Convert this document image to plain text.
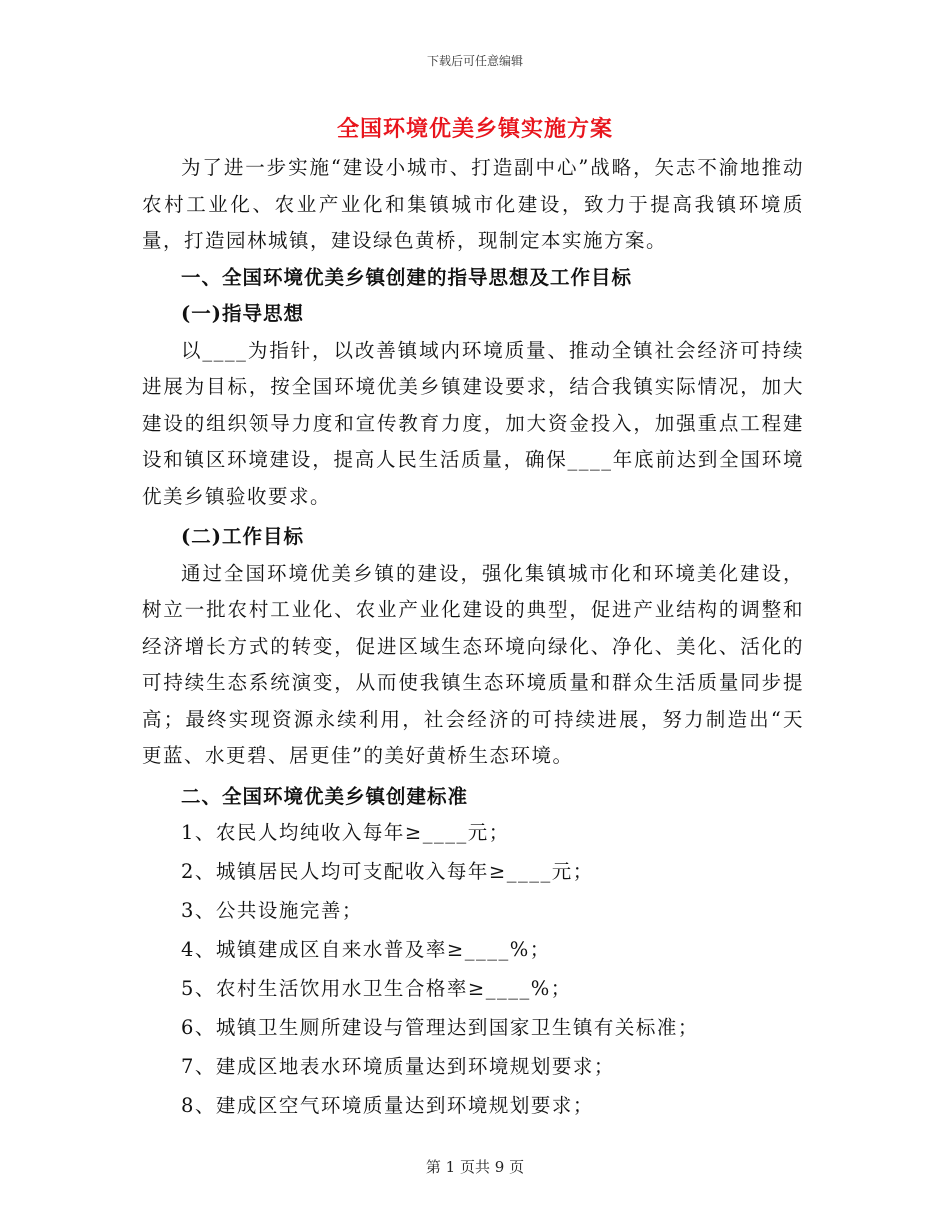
下载后可任意编辑
全国环境优美乡镇实施方案

为了进一步实施“建设小城市、打造副中心”战略，矢志不渝地推动农村工业化、农业产业化和集镇城市化建设，致力于提高我镇环境质量，打造园林城镇，建设绿色黄桥，现制定本实施方案。

一、全国环境优美乡镇创建的指导思想及工作目标

(一)指导思想

以____为指针，以改善镇域内环境质量、推动全镇社会经济可持续进展为目标，按全国环境优美乡镇建设要求，结合我镇实际情况，加大建设的组织领导力度和宣传教育力度，加大资金投入，加强重点工程建设和镇区环境建设，提高人民生活质量，确保____年底前达到全国环境优美乡镇验收要求。

(二)工作目标

通过全国环境优美乡镇的建设，强化集镇城市化和环境美化建设，树立一批农村工业化、农业产业化建设的典型，促进产业结构的调整和经济增长方式的转变，促进区域生态环境向绿化、净化、美化、活化的可持续生态系统演变，从而使我镇生态环境质量和群众生活质量同步提高；最终实现资源永续利用，社会经济的可持续进展，努力制造出“天更蓝、水更碧、居更佳”的美好黄桥生态环境。

二、全国环境优美乡镇创建标准

1、农民人均纯收入每年≥____元；

2、城镇居民人均可支配收入每年≥____元；

3、公共设施完善；

4、城镇建成区自来水普及率≥____%；

5、农村生活饮用水卫生合格率≥____%；

6、城镇卫生厕所建设与管理达到国家卫生镇有关标准；

7、建成区地表水环境质量达到环境规划要求；

8、建成区空气环境质量达到环境规划要求；

第 1 页共 9 页
